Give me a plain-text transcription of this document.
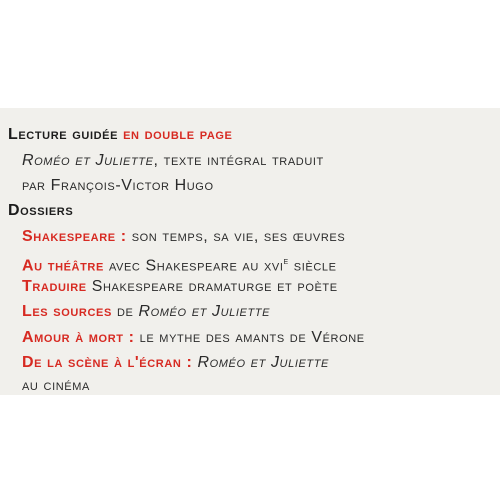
Lecture guidée en double page
Roméo et Juliette, texte intégral traduit
par François-Victor Hugo
Dossiers
Shakespeare : son temps, sa vie, ses œuvres
Au théâtre avec Shakespeare au xvi$^e$ siècle
Traduire Shakespeare dramaturge et poète
Les sources de Roméo et Juliette
Amour à mort : le mythe des amants de Vérone
De la scène à l'écran : Roméo et Juliette
au cinéma
